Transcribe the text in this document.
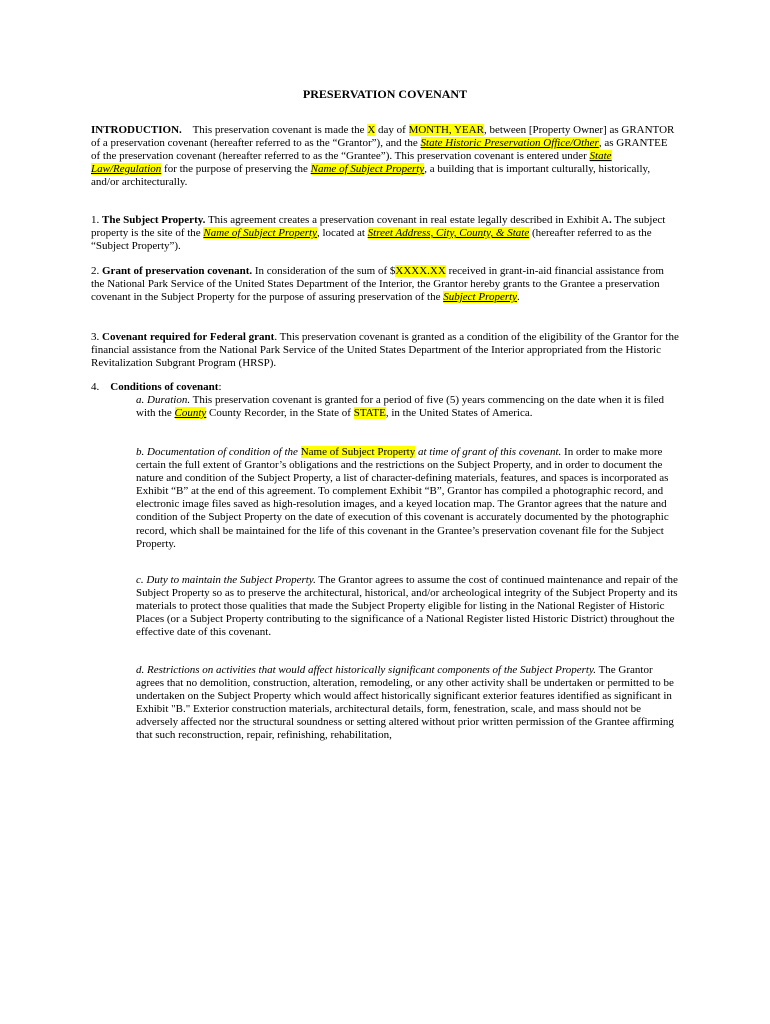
PRESERVATION COVENANT

INTRODUCTION. This preservation covenant is made the X day of MONTH, YEAR, between [Property Owner] as GRANTOR of a preservation covenant (hereafter referred to as the “Grantor”), and the State Historic Preservation Office/Other, as GRANTEE of the preservation covenant (hereafter referred to as the “Grantee”). This preservation covenant is entered under State Law/Regulation for the purpose of preserving the Name of Subject Property, a building that is important culturally, historically, and/or architecturally.

1. The Subject Property. This agreement creates a preservation covenant in real estate legally described in Exhibit A. The subject property is the site of the Name of Subject Property, located at Street Address, City, County, & State (hereafter referred to as the “Subject Property”).

2. Grant of preservation covenant. In consideration of the sum of $XXXX.XX received in grant-in-aid financial assistance from the National Park Service of the United States Department of the Interior, the Grantor hereby grants to the Grantee a preservation covenant in the Subject Property for the purpose of assuring preservation of the Subject Property.

3. Covenant required for Federal grant. This preservation covenant is granted as a condition of the eligibility of the Grantor for the financial assistance from the National Park Service of the United States Department of the Interior appropriated from the Historic Revitalization Subgrant Program (HRSP).

4. Conditions of covenant:

a. Duration. This preservation covenant is granted for a period of five (5) years commencing on the date when it is filed with the County County Recorder, in the State of STATE, in the United States of America.

b. Documentation of condition of the Name of Subject Property at time of grant of this covenant. In order to make more certain the full extent of Grantor’s obligations and the restrictions on the Subject Property, and in order to document the nature and condition of the Subject Property, a list of character-defining materials, features, and spaces is incorporated as Exhibit “B” at the end of this agreement. To complement Exhibit “B”, Grantor has compiled a photographic record, and electronic image files saved as high-resolution images, and a keyed location map. The Grantor agrees that the nature and condition of the Subject Property on the date of execution of this covenant is accurately documented by the photographic record, which shall be maintained for the life of this covenant in the Grantee’s preservation covenant file for the Subject Property.

c. Duty to maintain the Subject Property. The Grantor agrees to assume the cost of continued maintenance and repair of the Subject Property so as to preserve the architectural, historical, and/or archeological integrity of the Subject Property and its materials to protect those qualities that made the Subject Property eligible for listing in the National Register of Historic Places (or a Subject Property contributing to the significance of a National Register listed Historic District) throughout the effective date of this covenant.

d. Restrictions on activities that would affect historically significant components of the Subject Property. The Grantor agrees that no demolition, construction, alteration, remodeling, or any other activity shall be undertaken or permitted to be undertaken on the Subject Property which would affect historically significant exterior features identified as significant in Exhibit "B." Exterior construction materials, architectural details, form, fenestration, scale, and mass should not be adversely affected nor the structural soundness or setting altered without prior written permission of the Grantee affirming that such reconstruction, repair, refinishing, rehabilitation,
